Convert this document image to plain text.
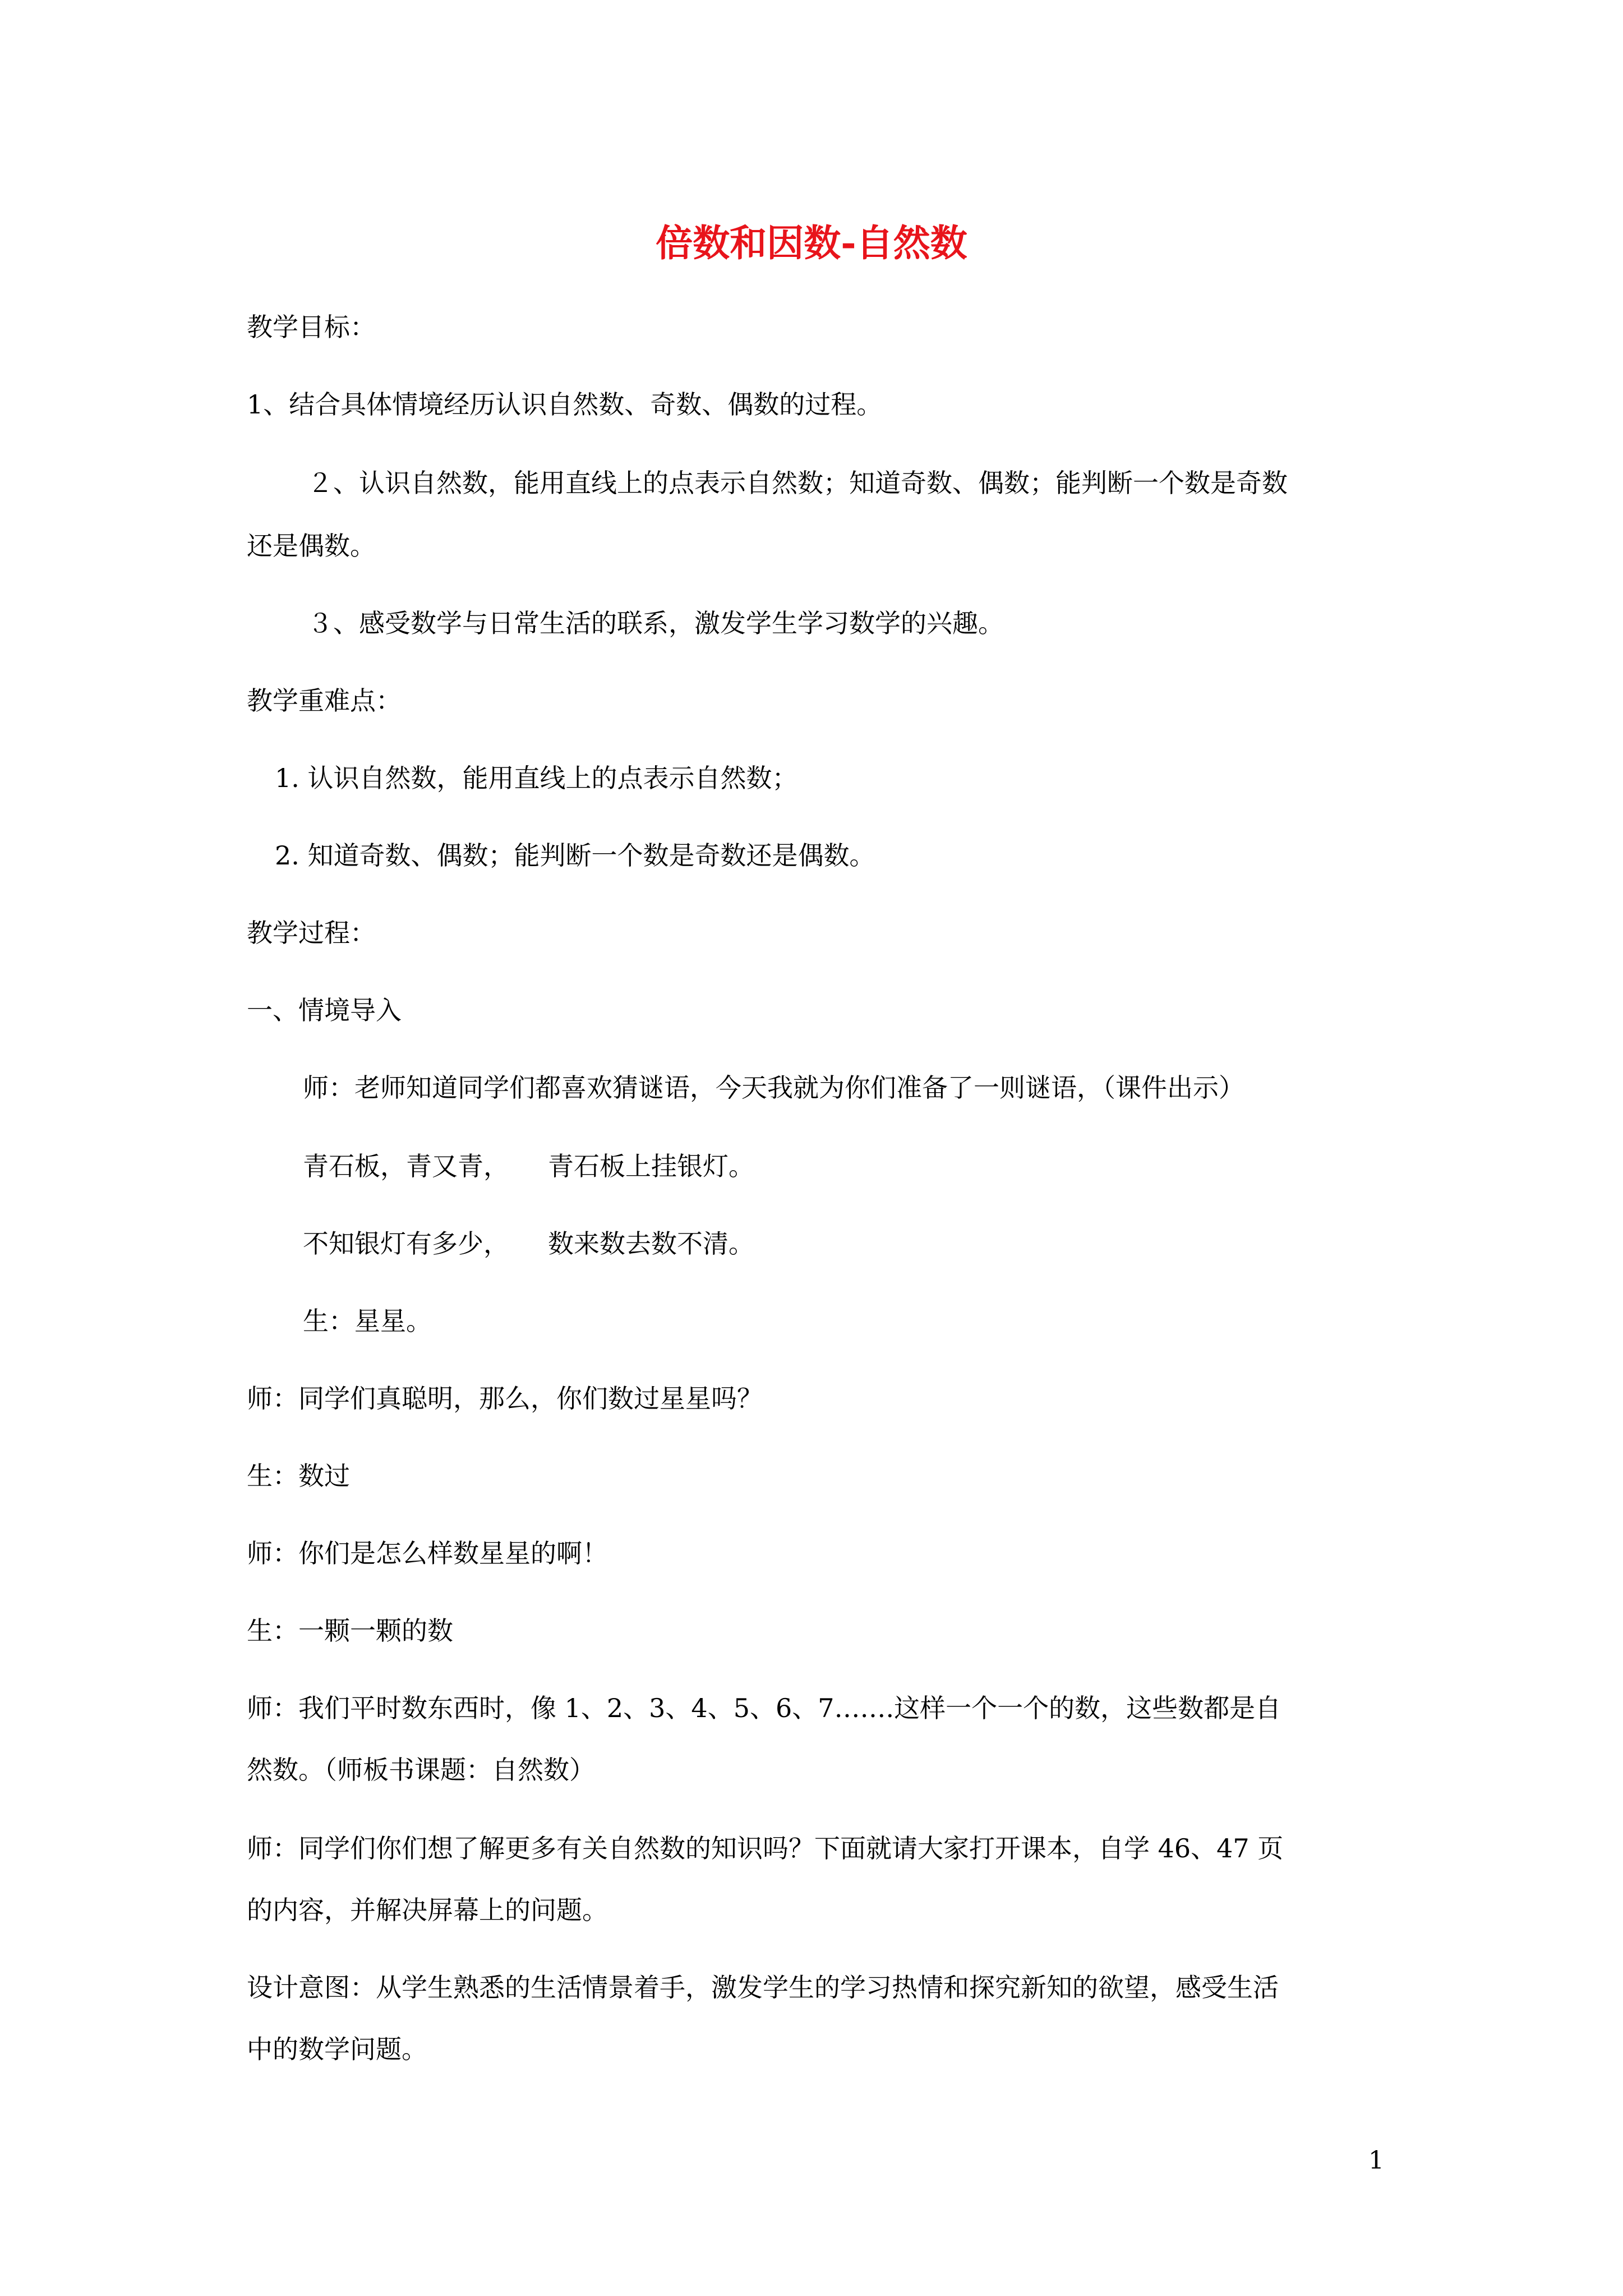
倍数和因数-自然数
教学目标：
1、结合具体情境经历认识自然数、奇数、偶数的过程。
２、认识自然数，能用直线上的点表示自然数；知道奇数、偶数；能判断一个数是奇数
还是偶数。
３、感受数学与日常生活的联系，激发学生学习数学的兴趣。
教学重难点：
1. 认识自然数，能用直线上的点表示自然数；
2. 知道奇数、偶数；能判断一个数是奇数还是偶数。
教学过程：
一、情境导入
师：老师知道同学们都喜欢猜谜语，今天我就为你们准备了一则谜语，（课件出示）
青石板，青又青，　　青石板上挂银灯。
不知银灯有多少，　　数来数去数不清。
生：星星。
师：同学们真聪明，那么，你们数过星星吗？
生：数过
师：你们是怎么样数星星的啊！
生：一颗一颗的数
师：我们平时数东西时，像 1、2、3、4、5、6、7…….这样一个一个的数，这些数都是自
然数。（师板书课题：自然数）
师：同学们你们想了解更多有关自然数的知识吗？下面就请大家打开课本，自学 46、47 页
的内容，并解决屏幕上的问题。
设计意图：从学生熟悉的生活情景着手，激发学生的学习热情和探究新知的欲望，感受生活
中的数学问题。
1
